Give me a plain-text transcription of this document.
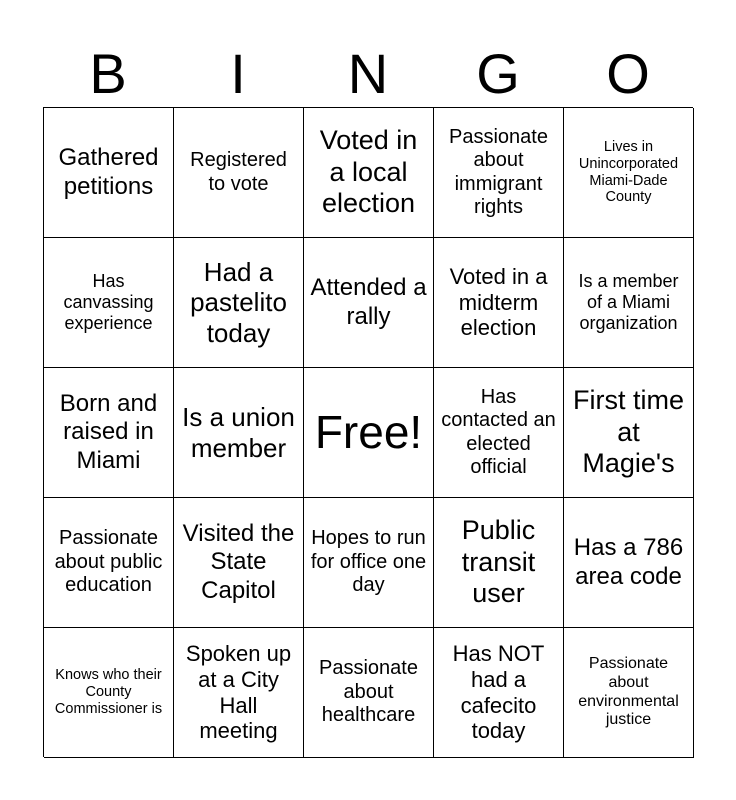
B	I	N	G	O
Gathered petitions
Registered to vote
Voted in a local election
Passionate about immigrant rights
Lives in Unincorporated Miami-Dade County
Has canvassing experience
Had a pastelito today
Attended a rally
Voted in a midterm election
Is a member of a Miami organization
Born and raised in Miami
Is a union member Free!
Has contacted an elected official
First time at Magie's
Passionate about public education
Visited the State Capitol
Hopes to run for office one day
Public transit user
Has a 786 area code
Knows who their County Commissioner is
Spoken up at a City Hall meeting
Passionate about healthcare
Has NOT had a cafecito today
Passionate about environmental justice
